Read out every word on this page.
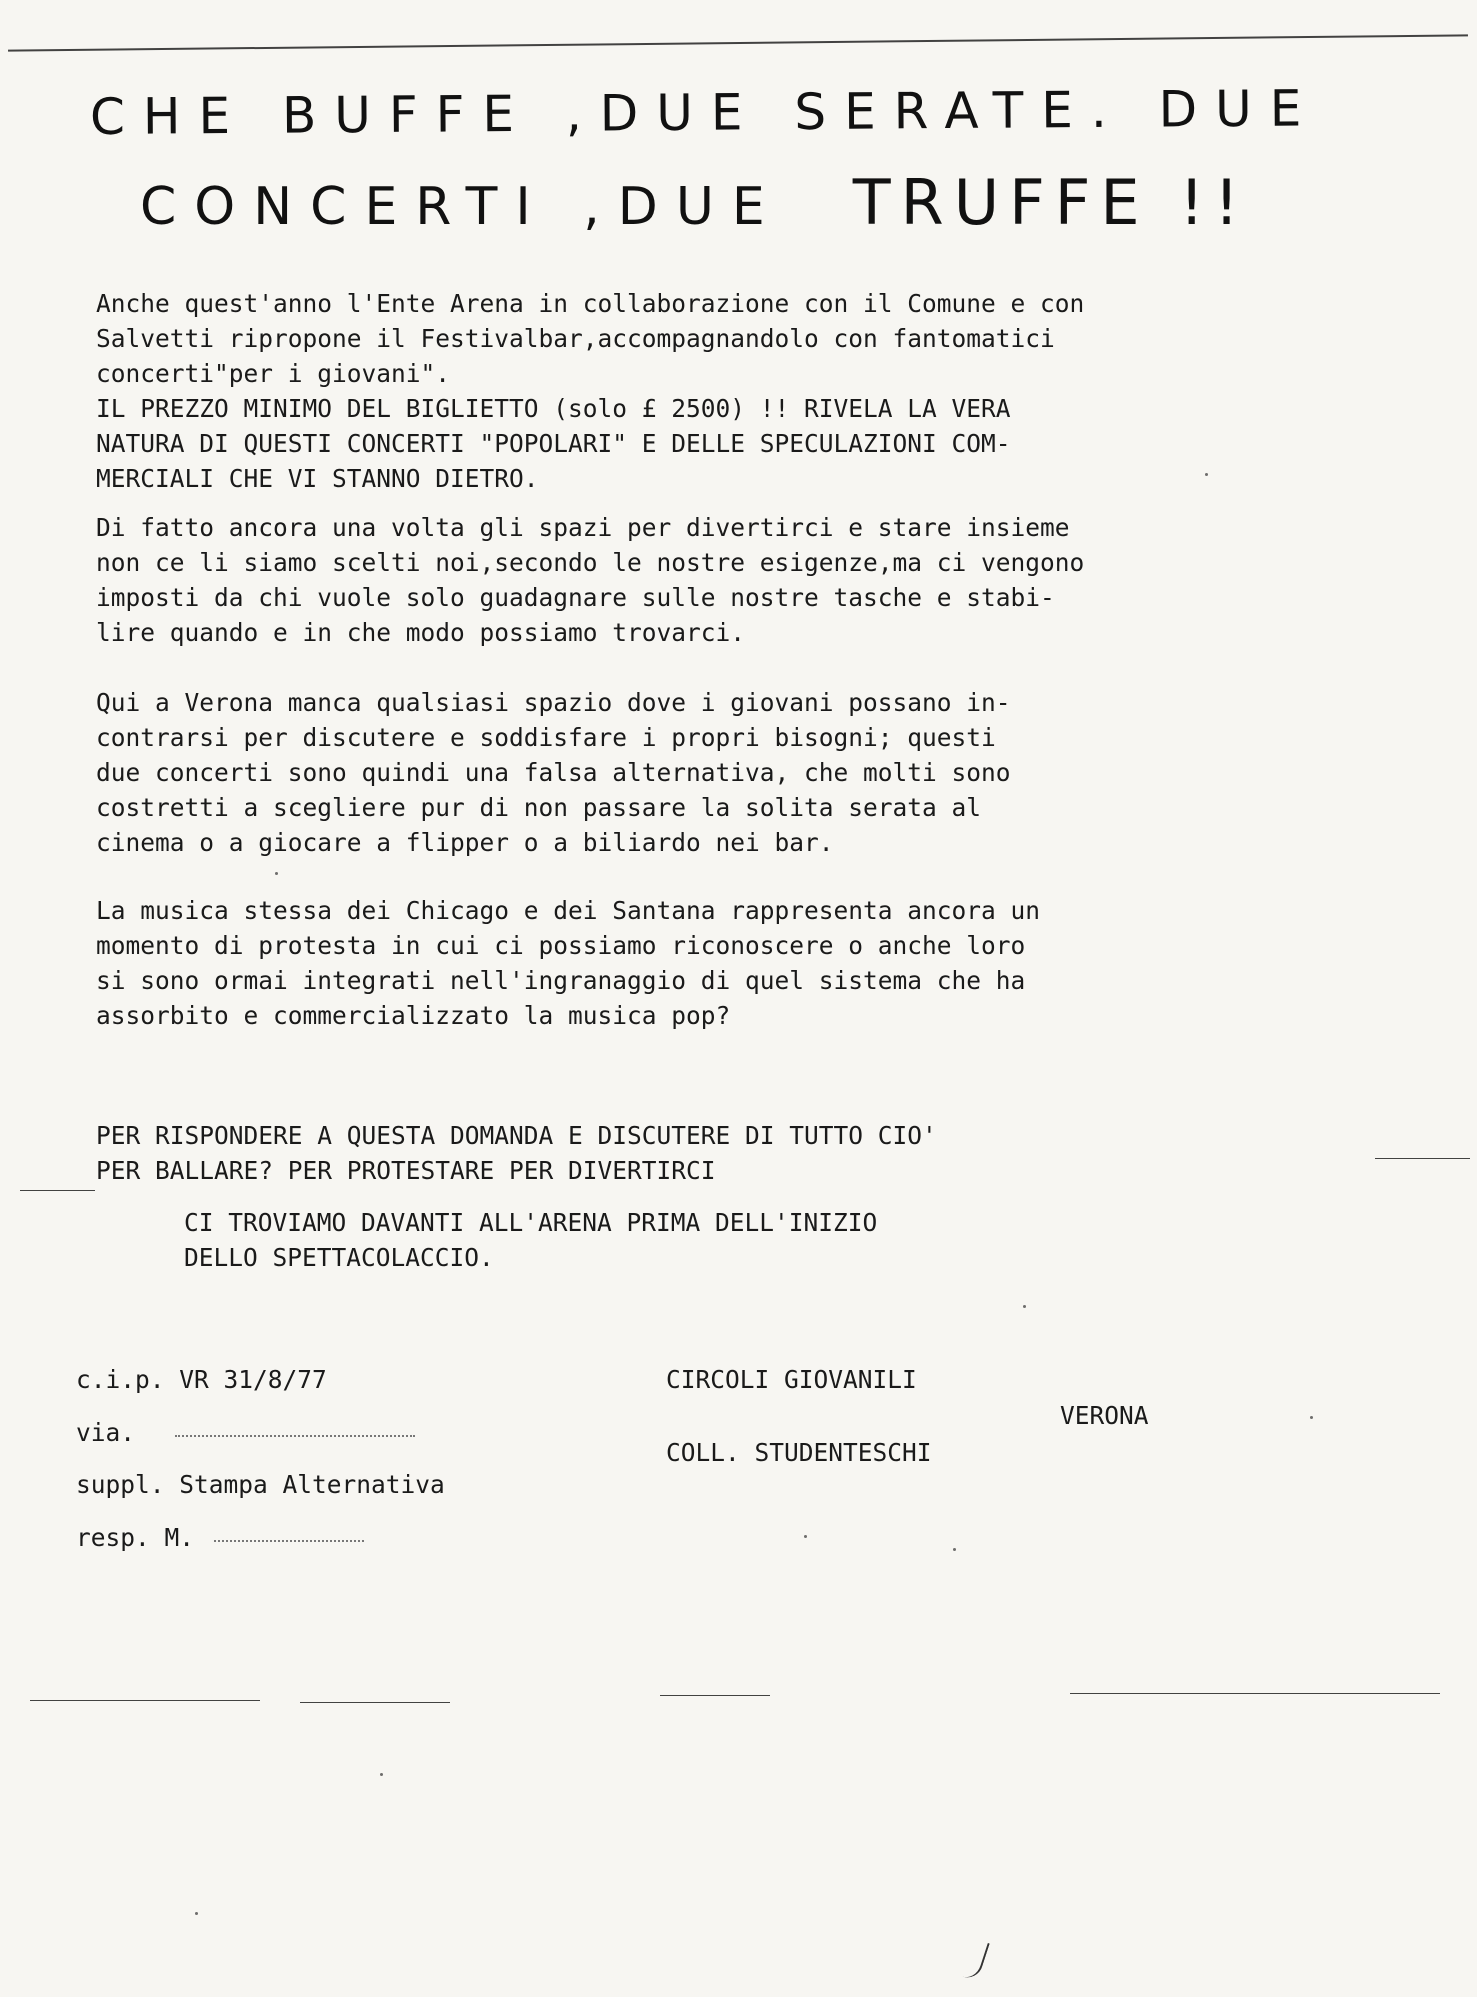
CHE BUFFE ,DUE SERATE. DUE
CONCERTI ,DUE TRUFFE !!

Anche quest'anno l'Ente Arena in collaborazione con il Comune e con
Salvetti ripropone il Festivalbar,accompagnandolo con fantomatici
concerti"per i giovani".
IL PREZZO MINIMO DEL BIGLIETTO (solo £ 2500) !! RIVELA LA VERA
NATURA DI QUESTI CONCERTI "POPOLARI" E DELLE SPECULAZIONI COM-
MERCIALI CHE VI STANNO DIETRO.

Di fatto ancora una volta gli spazi per divertirci e stare insieme
non ce li siamo scelti noi,secondo le nostre esigenze,ma ci vengono
imposti da chi vuole solo guadagnare sulle nostre tasche e stabi-
lire quando e in che modo possiamo trovarci.

Qui a Verona manca qualsiasi spazio dove i giovani possano in-
contrarsi per discutere e soddisfare i propri bisogni; questi
due concerti sono quindi una falsa alternativa, che molti sono
costretti a scegliere pur di non passare la solita serata al
cinema o a giocare a flipper o a biliardo nei bar.

La musica stessa dei Chicago e dei Santana rappresenta ancora un
momento di protesta in cui ci possiamo riconoscere o anche loro
si sono ormai integrati nell'ingranaggio di quel sistema che ha
assorbito e commercializzato la musica pop?

PER RISPONDERE A QUESTA DOMANDA E DISCUTERE DI TUTTO CIO'
PER BALLARE? PER PROTESTARE PER DIVERTIRCI

CI TROVIAMO DAVANTI ALL'ARENA PRIMA DELL'INIZIO
DELLO SPETTACOLACCIO.

c.i.p. VR 31/8/77

via.

suppl. Stampa Alternativa

resp. M.

CIRCOLI GIOVANILI

COLL. STUDENTESCHI

VERONA
